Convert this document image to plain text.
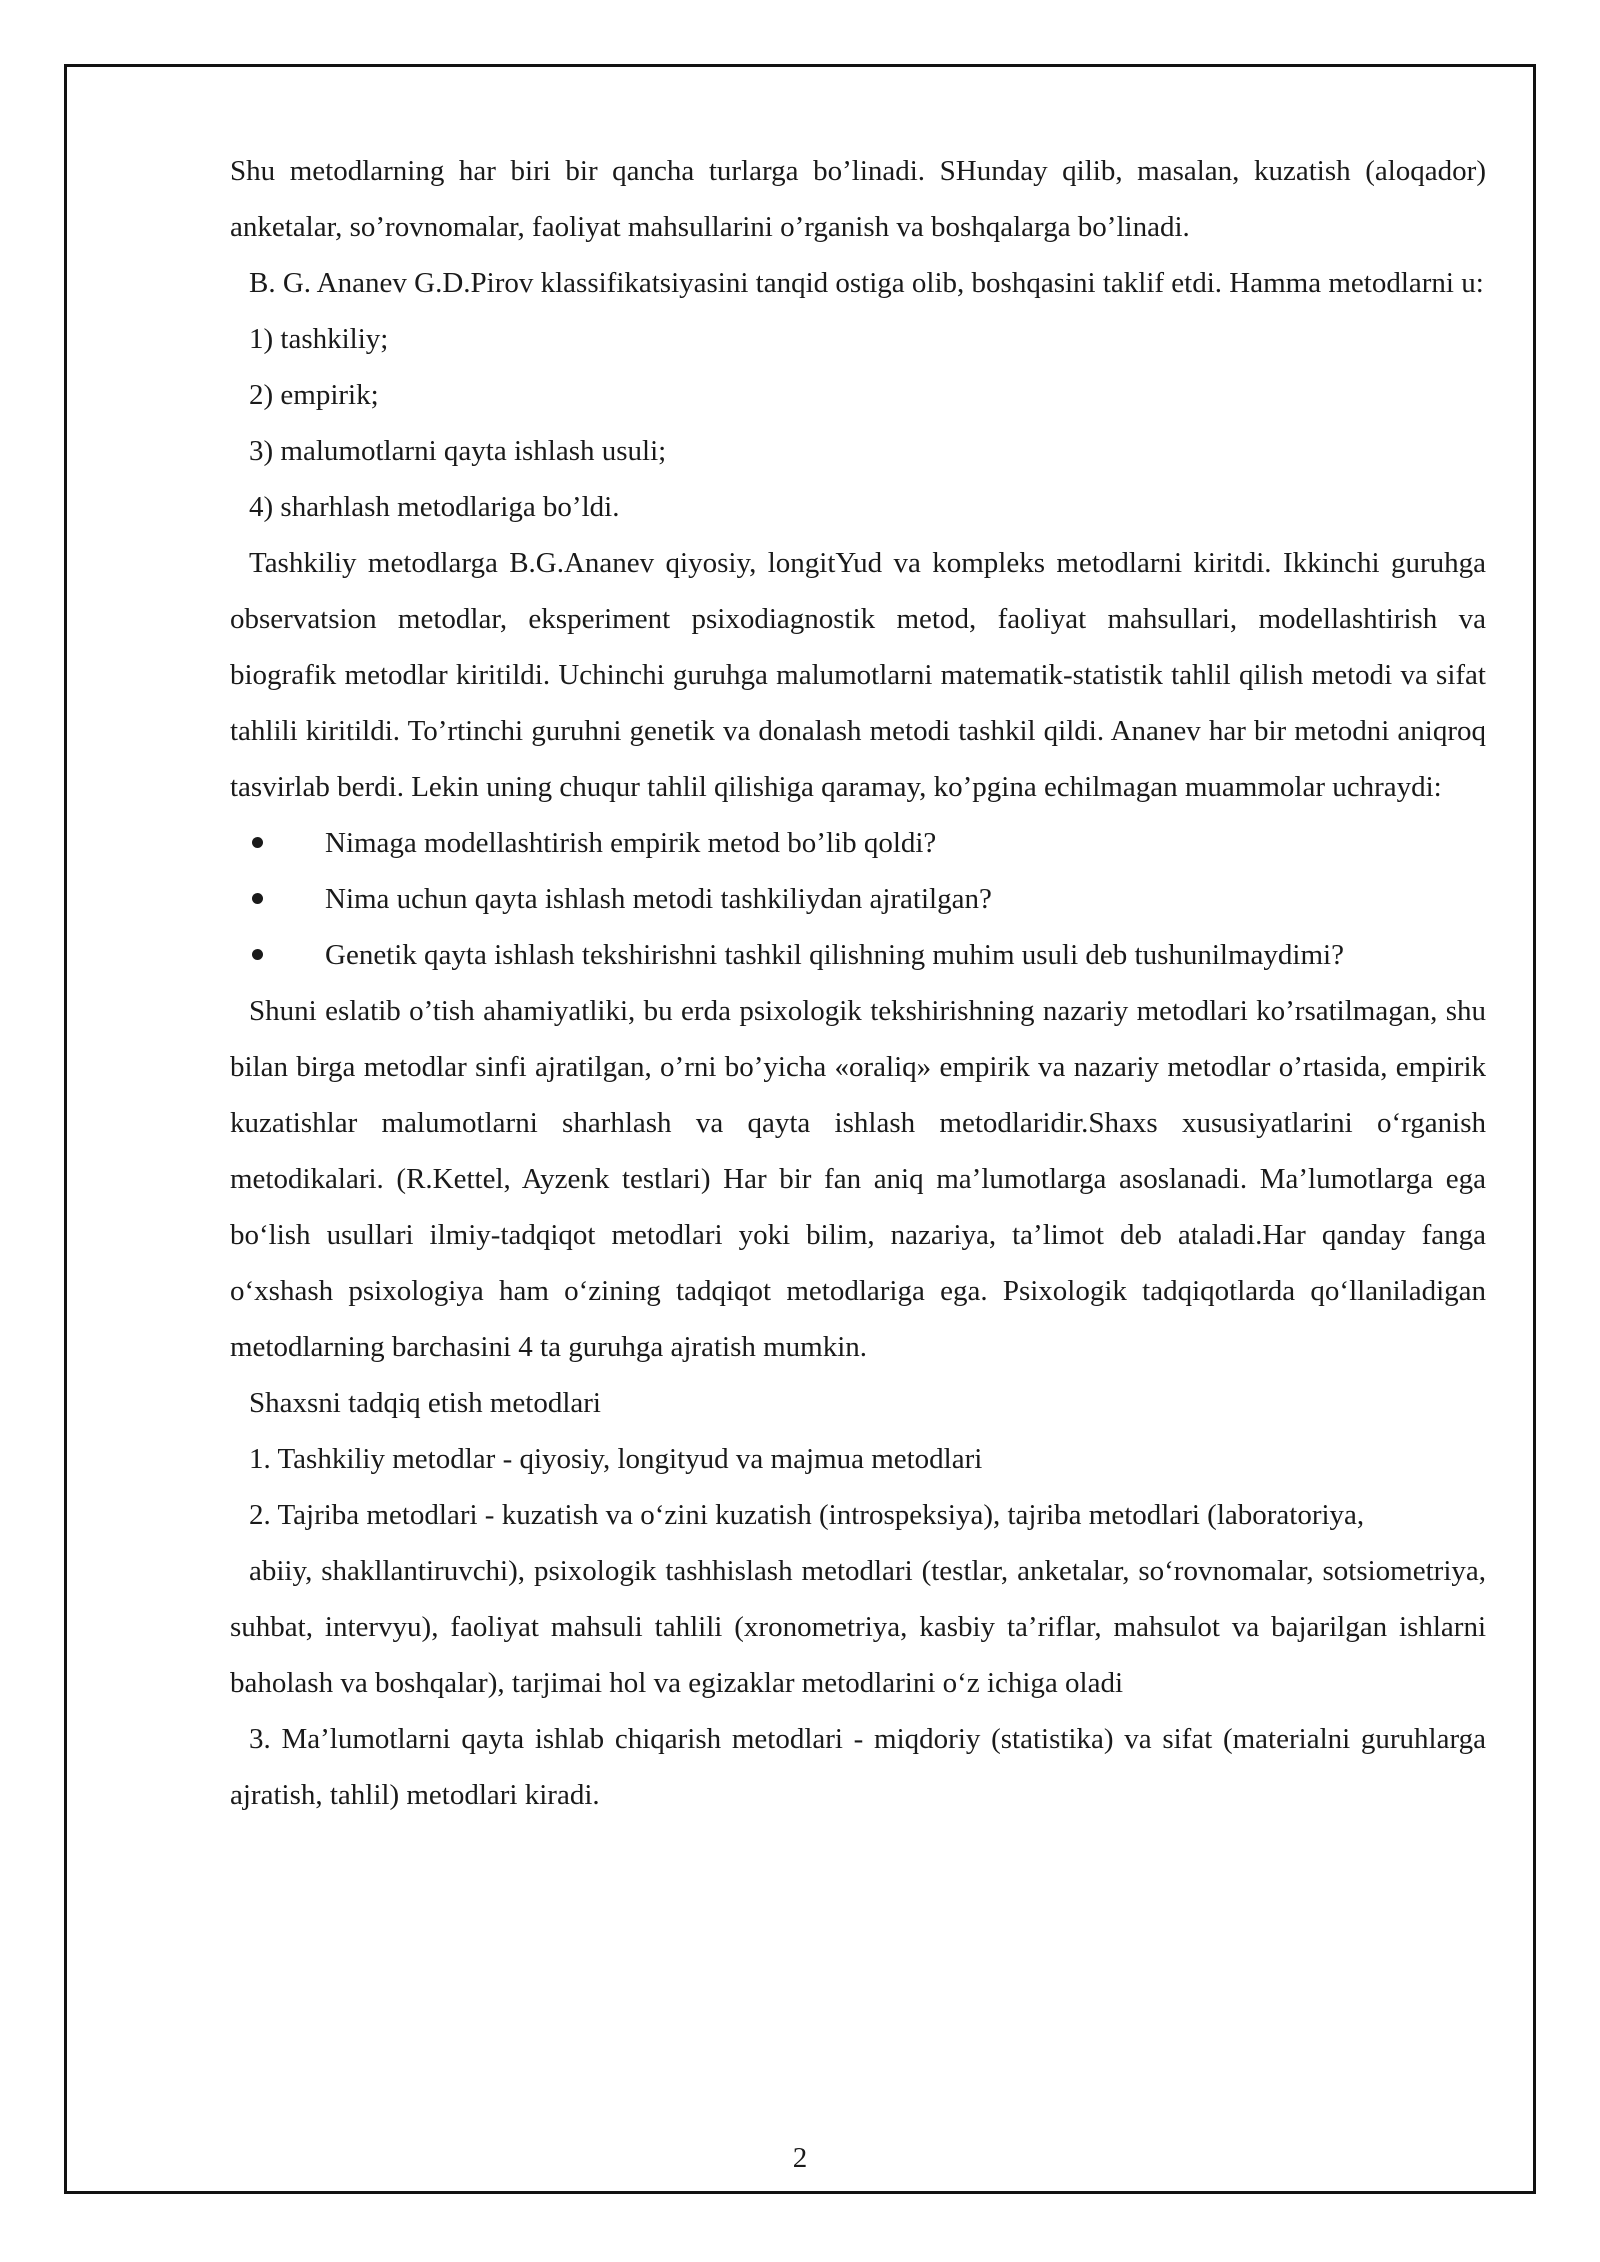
Shu metodlarning har biri bir qancha turlarga bo’linadi. SHunday qilib, masalan, kuzatish (aloqador) anketalar, so’rovnomalar, faoliyat mahsullarini o’rganish va boshqalarga bo’linadi.

B. G. Ananev G.D.Pirov klassifikatsiyasini tanqid ostiga olib, boshqasini taklif etdi. Hamma metodlarni u:

1) tashkiliy;

2) empirik;

3) malumotlarni qayta ishlash usuli;

4) sharhlash metodlariga bo’ldi.

Tashkiliy metodlarga B.G.Ananev qiyosiy, longitYud va kompleks metodlarni kiritdi. Ikkinchi guruhga observatsion metodlar, eksperiment psixodiagnostik metod, faoliyat mahsullari, modellashtirish va biografik metodlar kiritildi. Uchinchi guruhga malumotlarni matematik-statistik tahlil qilish metodi va sifat tahlili kiritildi. To’rtinchi guruhni genetik va donalash metodi tashkil qildi. Ananev har bir metodni aniqroq tasvirlab berdi. Lekin uning chuqur tahlil qilishiga qaramay, ko’pgina echilmagan muammolar uchraydi:

Nimaga modellashtirish empirik metod bo’lib qoldi?
Nima uchun qayta ishlash metodi tashkiliydan ajratilgan?
Genetik qayta ishlash tekshirishni tashkil qilishning muhim usuli deb tushunilmaydimi?

Shuni eslatib o’tish ahamiyatliki, bu erda psixologik tekshirishning nazariy metodlari ko’rsatilmagan, shu bilan birga metodlar sinfi ajratilgan, o’rni bo’yicha «oraliq» empirik va nazariy metodlar o’rtasida, empirik kuzatishlar malumotlarni sharhlash va qayta ishlash metodlaridir.Shaxs xususiyatlarini o‘rganish metodikalari. (R.Kettel, Ayzenk testlari) Har bir fan aniq ma’lumotlarga asoslanadi. Ma’lumotlarga ega bo‘lish usullari ilmiy-tadqiqot metodlari yoki bilim, nazariya, ta’limot deb ataladi.Har qanday fanga o‘xshash psixologiya ham o‘zining tadqiqot metodlariga ega. Psixologik tadqiqotlarda qo‘llaniladigan metodlarning barchasini 4 ta guruhga ajratish mumkin.

Shaxsni tadqiq etish metodlari

1. Tashkiliy metodlar - qiyosiy, longityud va majmua metodlari

2. Tajriba metodlari - kuzatish va o‘zini kuzatish (introspeksiya), tajriba metodlari (laboratoriya,

abiiy, shakllantiruvchi), psixologik tashhislash metodlari (testlar, anketalar, so‘rovnomalar, sotsiometriya, suhbat, intervyu), faoliyat mahsuli tahlili (xronometriya, kasbiy ta’riflar, mahsulot va bajarilgan ishlarni baholash va boshqalar), tarjimai hol va egizaklar metodlarini o‘z ichiga oladi

3. Ma’lumotlarni qayta ishlab chiqarish metodlari - miqdoriy (statistika) va sifat (materialni guruhlarga ajratish, tahlil) metodlari kiradi.

2
